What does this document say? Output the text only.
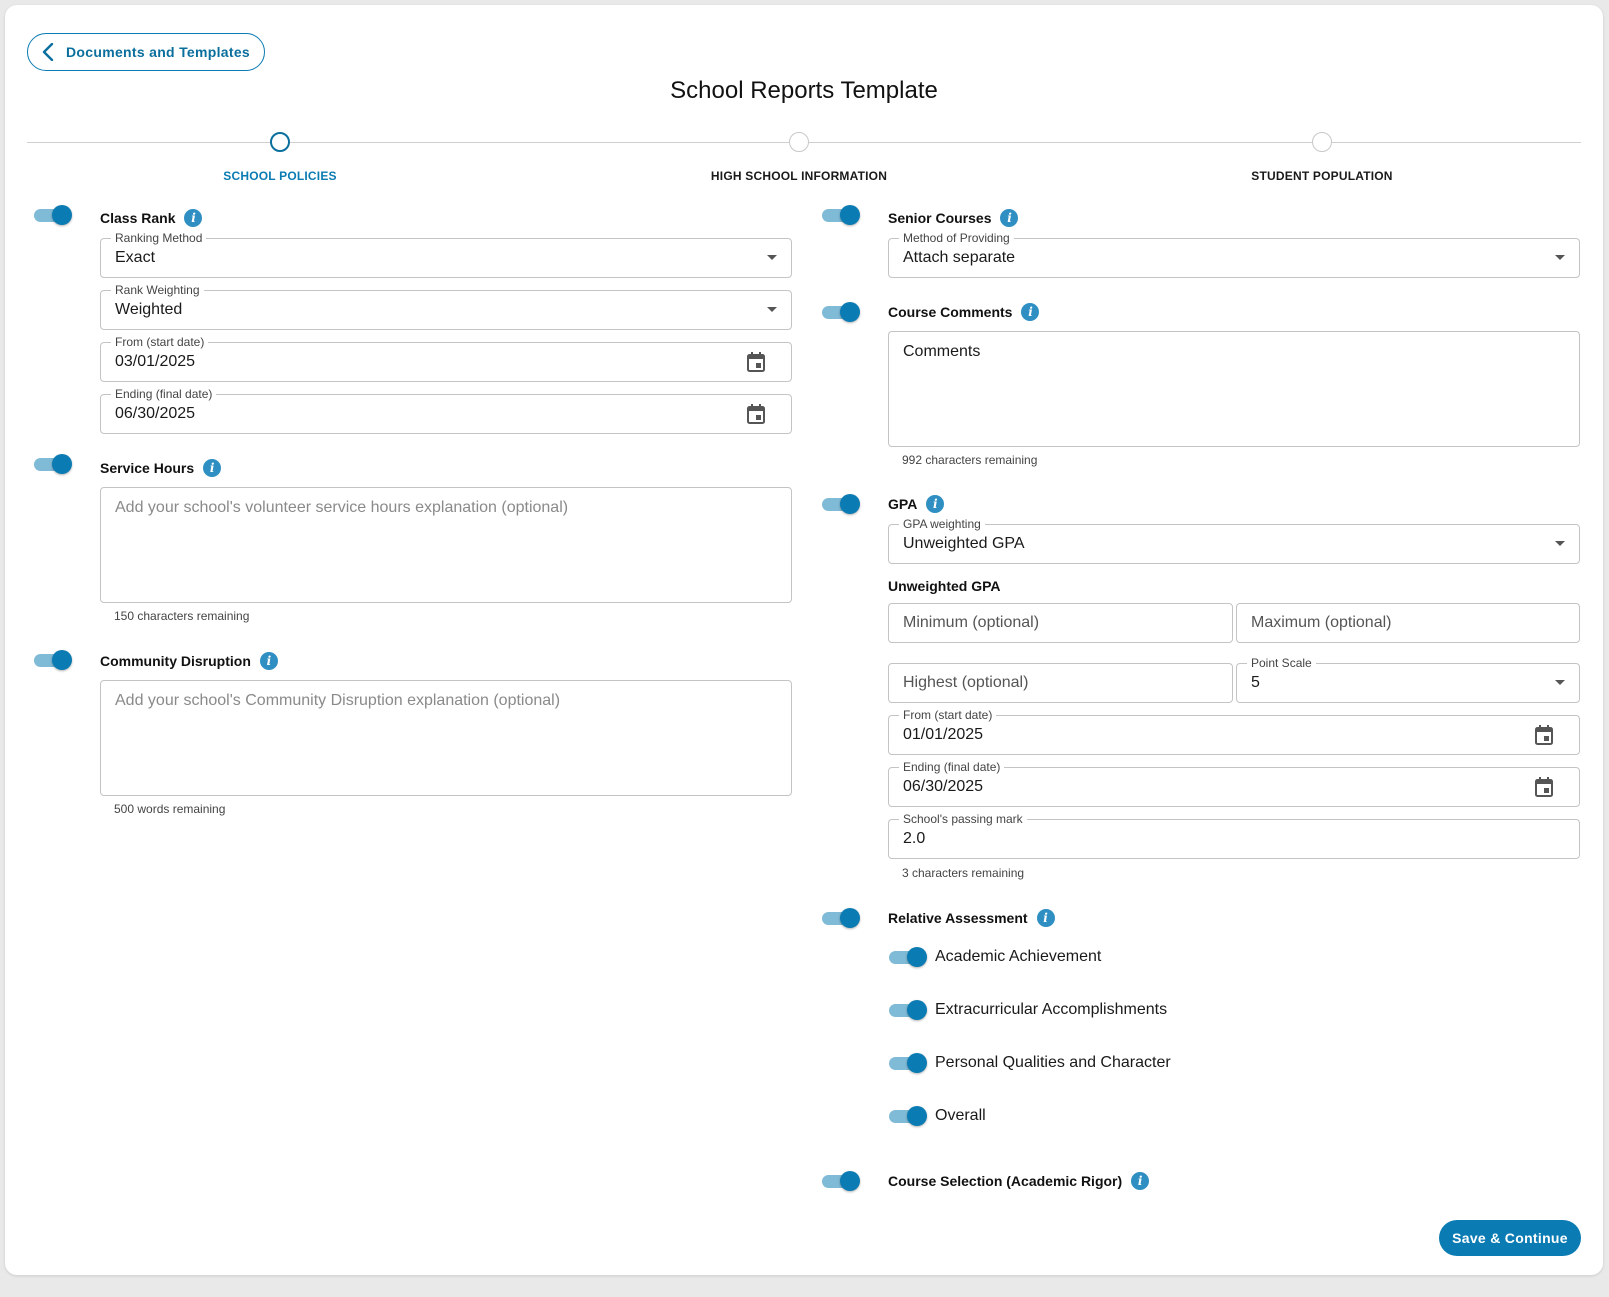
Documents and Templates
School Reports Template
SCHOOL POLICIES	HIGH SCHOOL INFORMATION	STUDENT POPULATION
Class Rank	i
Ranking Method
Exact
Rank Weighting
Weighted
From (start date)
03/01/2025
Ending (final date)
06/30/2025
Service Hours	i
Add your school's volunteer service hours explanation (optional)
150 characters remaining
Community Disruption	i
Add your school's Community Disruption explanation (optional)
500 words remaining
Senior Courses	i
Method of Providing
Attach separate
Course Comments	i
Comments
992 characters remaining
GPA	i
GPA weighting
Unweighted GPA
Unweighted GPA
Minimum (optional)	Maximum (optional)
Highest (optional)
Point Scale
5
From (start date)
01/01/2025
Ending (final date)
06/30/2025
School's passing mark
2.0
3 characters remaining
Relative Assessment	i
Academic Achievement
Extracurricular Accomplishments
Personal Qualities and Character
Overall
Course Selection (Academic Rigor)	i
Save & Continue
